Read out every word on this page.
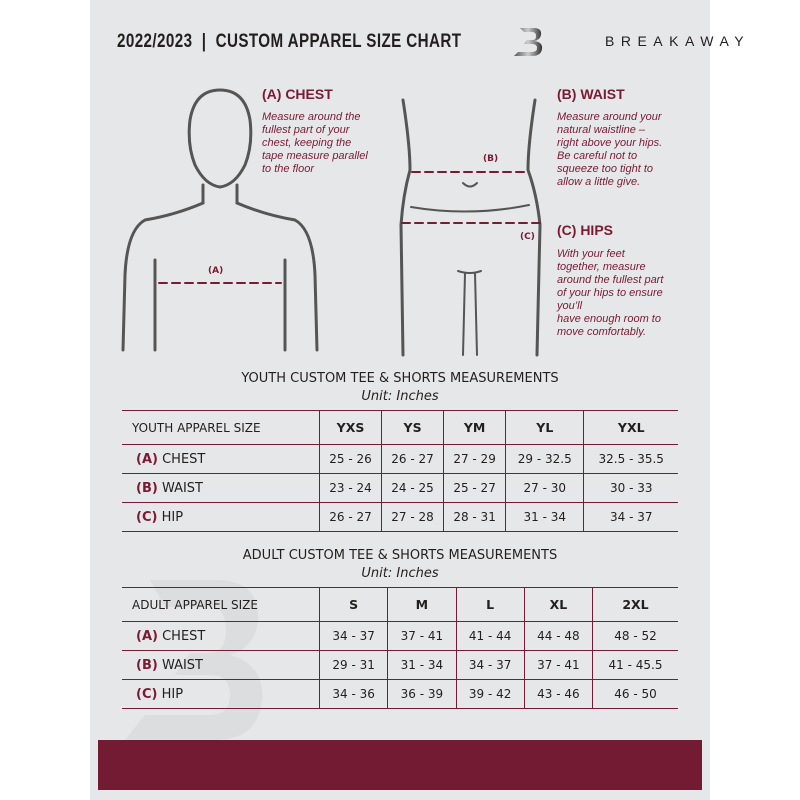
2022/2023  |  CUSTOM APPAREL SIZE CHART	BREAKAWAY
(A)
(A) CHEST
Measure around the
fullest part of your
chest, keeping the
tape measure parallel
to the floor
(B)
(C)
(B) WAIST
Measure around your
natural waistline –
right above your hips.
Be careful not to
squeeze too tight to
allow a little give.
(C) HIPS
With your feet
together, measure
around the fullest part
of your hips to ensure
you’ll
have enough room to
move comfortably.
YOUTH CUSTOM TEE & SHORTS MEASUREMENTS
Unit: Inches
YOUTH APPAREL SIZE	YXS	YS	YM	YL	YXL
(A) CHEST	25 - 26	26 - 27	27 - 29	29 - 32.5	32.5 - 35.5
(B) WAIST	23 - 24	24 - 25	25 - 27	27 - 30	30 - 33
(C) HIP	26 - 27	27 - 28	28 - 31	31 - 34	34 - 37
ADULT CUSTOM TEE & SHORTS MEASUREMENTS
Unit: Inches
ADULT APPAREL SIZE	S	M	L	XL	2XL
(A) CHEST	34 - 37	37 - 41	41 - 44	44 - 48	48 - 52
(B) WAIST	29 - 31	31 - 34	34 - 37	37 - 41	41 - 45.5
(C) HIP	34 - 36	36 - 39	39 - 42	43 - 46	46 - 50
